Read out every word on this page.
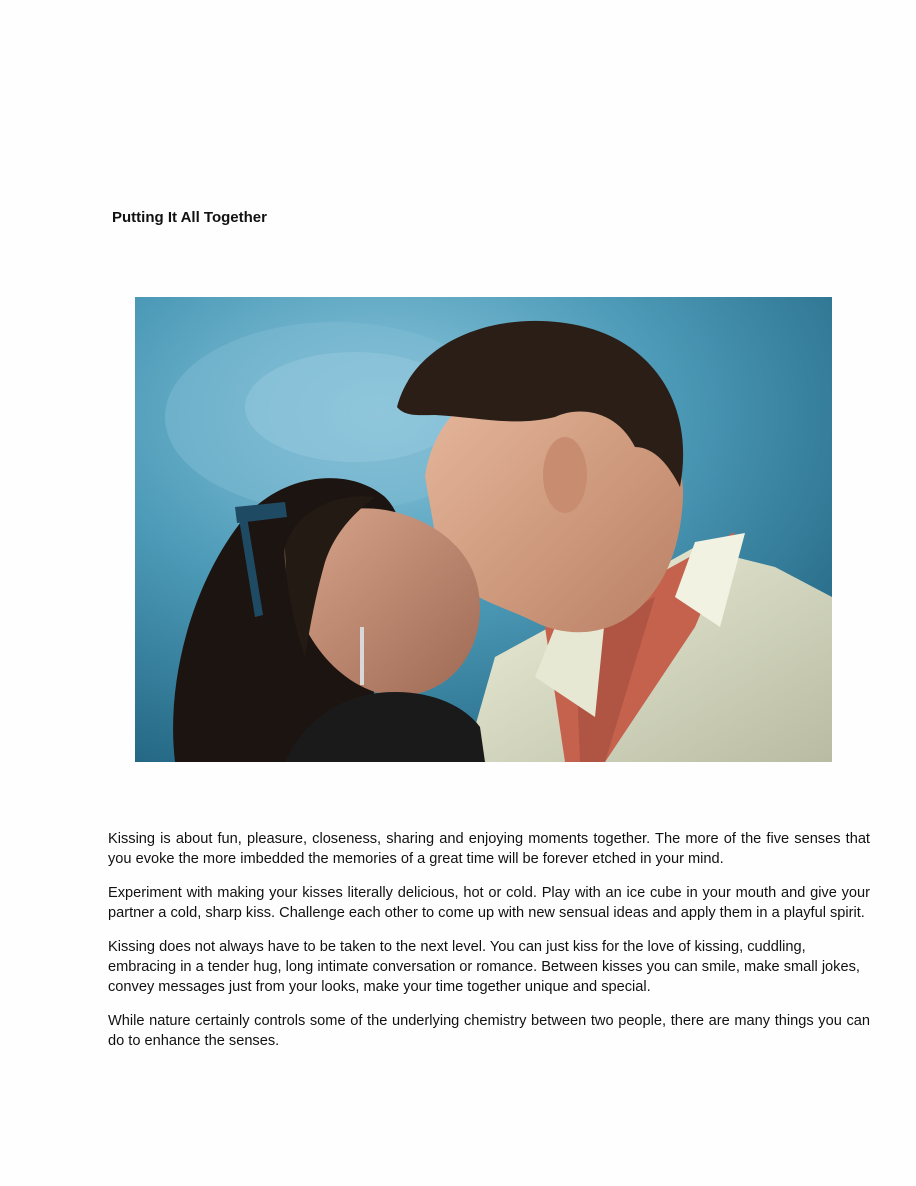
Putting It All Together

Kissing is about fun, pleasure, closeness, sharing and enjoying moments together. The more of the five senses that you evoke the more imbedded the memories of a great time will be forever etched in your mind.

Experiment with making your kisses literally delicious, hot or cold. Play with an ice cube in your mouth and give your partner a cold, sharp kiss. Challenge each other to come up with new sensual ideas and apply them in a playful spirit.

Kissing does not always have to be taken to the next level. You can just kiss for the love of kissing, cuddling, embracing in a tender hug, long intimate conversation or romance. Between kisses you can smile, make small jokes, convey messages just from your looks, make your time together unique and special.

While nature certainly controls some of the underlying chemistry between two people, there are many things you can do to enhance the senses.
